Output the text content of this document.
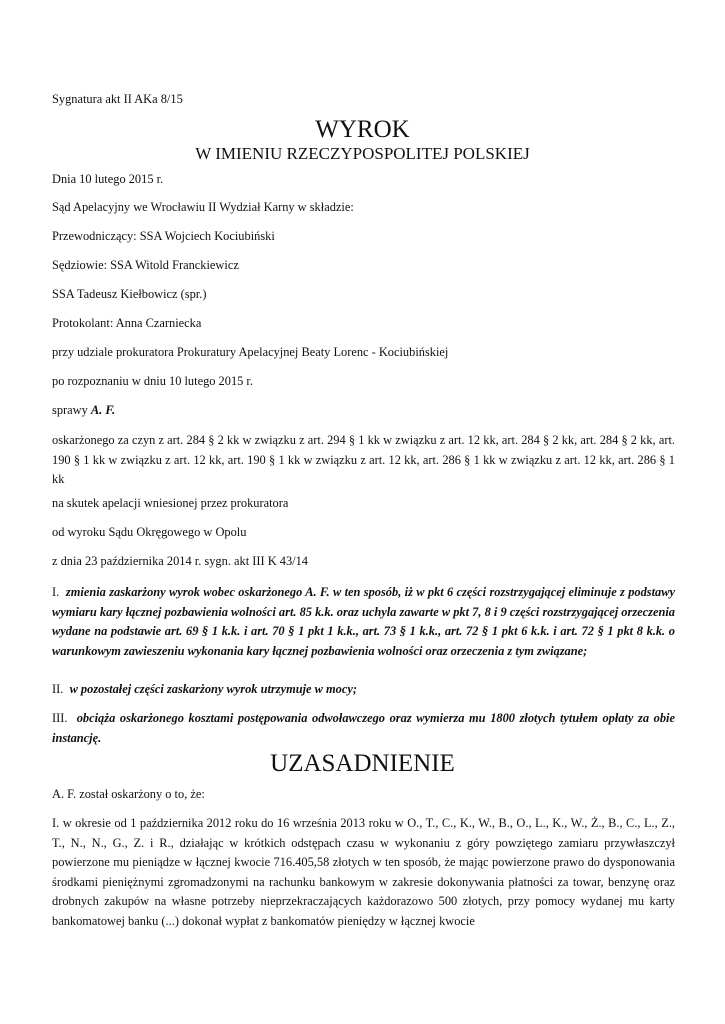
Sygnatura akt II AKa 8/15

WYROK

W IMIENIU RZECZYPOSPOLITEJ POLSKIEJ

Dnia 10 lutego 2015 r.

Sąd Apelacyjny we Wrocławiu II Wydział Karny w składzie:

Przewodniczący: SSA Wojciech Kociubiński

Sędziowie: SSA Witold Franckiewicz

SSA Tadeusz Kiełbowicz (spr.)

Protokolant: Anna Czarniecka

przy udziale prokuratora Prokuratury Apelacyjnej Beaty Lorenc - Kociubińskiej

po rozpoznaniu w dniu 10 lutego 2015 r.

sprawy A. F.

oskarżonego za czyn z art. 284 § 2 kk w związku z art. 294 § 1 kk w związku z art. 12 kk, art. 284 § 2 kk, art. 284 § 2 kk, art. 190 § 1 kk w związku z art. 12 kk, art. 190 § 1 kk w związku z art. 12 kk, art. 286 § 1 kk w związku z art. 12 kk, art. 286 § 1 kk

na skutek apelacji wniesionej przez prokuratora

od wyroku Sądu Okręgowego w Opolu

z dnia 23 października 2014 r. sygn. akt III K 43/14

I. zmienia zaskarżony wyrok wobec oskarżonego A. F. w ten sposób, iż w pkt 6 części rozstrzygającej eliminuje z podstawy wymiaru kary łącznej pozbawienia wolności art. 85 k.k. oraz uchyla zawarte w pkt 7, 8 i 9 części rozstrzygającej orzeczenia wydane na podstawie art. 69 § 1 k.k. i art. 70 § 1 pkt 1 k.k., art. 73 § 1 k.k., art. 72 § 1 pkt 6 k.k. i art. 72 § 1 pkt 8 k.k. o warunkowym zawieszeniu wykonania kary łącznej pozbawienia wolności oraz orzeczenia z tym związane;

II. w pozostałej części zaskarżony wyrok utrzymuje w mocy;

III. obciąża oskarżonego kosztami postępowania odwoławczego oraz wymierza mu 1800 złotych tytułem opłaty za obie instancję.

UZASADNIENIE

A. F. został oskarżony o to, że:

I. w okresie od 1 października 2012 roku do 16 września 2013 roku w O., T., C., K., W., B., O., L., K., W., Ż., B., C., L., Z., T., N., N., G., Z. i R., działając w krótkich odstępach czasu w wykonaniu z góry powziętego zamiaru przywłaszczył powierzone mu pieniądze w łącznej kwocie 716.405,58 złotych w ten sposób, że mając powierzone prawo do dysponowania środkami pieniężnymi zgromadzonymi na rachunku bankowym w zakresie dokonywania płatności za towar, benzynę oraz drobnych zakupów na własne potrzeby nieprzekraczających każdorazowo 500 złotych, przy pomocy wydanej mu karty bankomatowej banku (...) dokonał wypłat z bankomatów pieniędzy w łącznej kwocie
